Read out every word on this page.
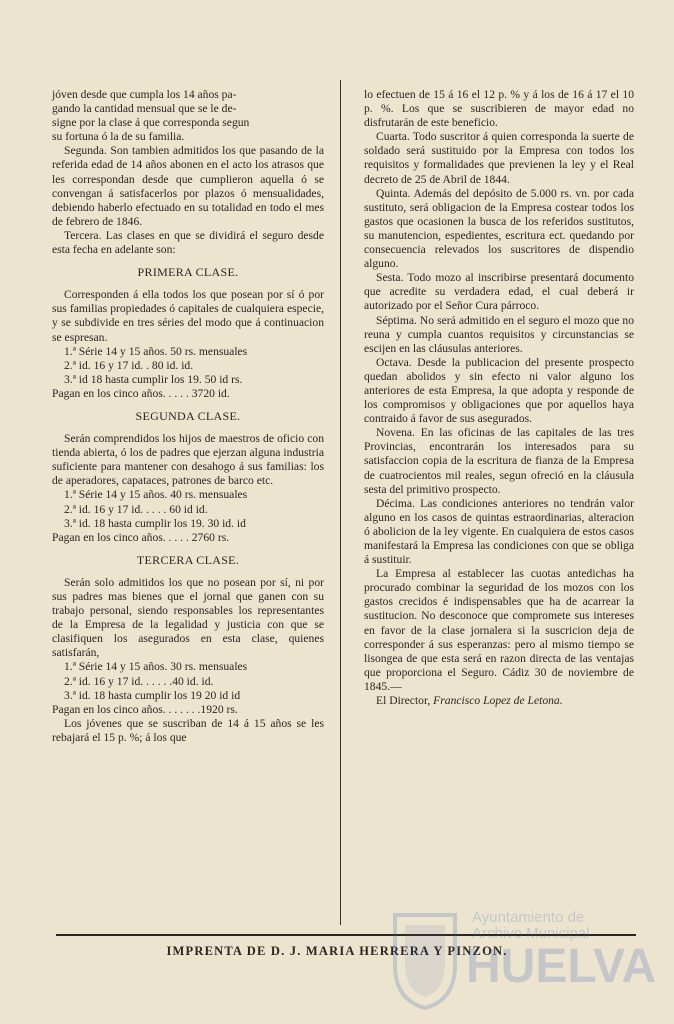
jóven desde que cumpla los 14 años pa-

gando la cantidad mensual que se le de-

signe por la clase á que corresponda segun

su fortuna ó la de su familia.

Segunda. Son tambien admitidos los que pasando de la referida edad de 14 años abonen en el acto los atrasos que les correspondan desde que cumplieron aquella ó se convengan á satisfacerlos por plazos ó mensualidades, debiendo haberlo efectuado en su totalidad en todo el mes de febrero de 1846.

Tercera. Las clases en que se dividirá el seguro desde esta fecha en adelante son:

PRIMERA CLASE.

Corresponden á ella todos los que posean por sí ó por sus familias propiedades ó capitales de cualquiera especie, y se subdivide en tres séries del modo que á continuacion se espresan.

1.ª Série 14 y 15 años. 50 rs. mensuales

2.ª id. 16 y 17 id. . 80 id. id.

3.ª id 18 hasta cumplir los 19. 50 id rs.

Pagan en los cinco años. . . . . 3720 id.

SEGUNDA CLASE.

Serán comprendidos los hijos de maestros de oficio con tienda abierta, ó los de padres que ejerzan alguna industria suficiente para mantener con desahogo á sus familias: los de aperadores, capataces, patrones de barco etc.

1.ª Série 14 y 15 años. 40 rs. mensuales

2.ª id. 16 y 17 id. . . . . 60 id id.

3.ª id. 18 hasta cumplir los 19. 30 id. id

Pagan en los cinco años. . . . . 2760 rs.

TERCERA CLASE.

Serán solo admitidos los que no posean por sí, ni por sus padres mas bienes que el jornal que ganen con su trabajo personal, siendo responsables los representantes de la Empresa de la legalidad y justicia con que se clasifiquen los asegurados en esta clase, quienes satisfarán,

1.ª Série 14 y 15 años. 30 rs. mensuales

2.ª id. 16 y 17 id. . . . . .40 id. id.

3.ª id. 18 hasta cumplir los 19 20 id id

Pagan en los cinco años. . . . . . .1920 rs.

Los jóvenes que se suscriban de 14 á 15 años se les rebajará el 15 p. %; á los que

lo efectuen de 15 á 16 el 12 p. % y á los de 16 á 17 el 10 p. %. Los que se suscribieren de mayor edad no disfrutarán de este beneficio.

Cuarta. Todo suscritor á quien corresponda la suerte de soldado será sustituido por la Empresa con todos los requisitos y formalidades que previenen la ley y el Real decreto de 25 de Abril de 1844.

Quinta. Además del depósito de 5.000 rs. vn. por cada sustituto, será obligacion de la Empresa costear todos los gastos que ocasionen la busca de los referidos sustitutos, su manutencion, espedientes, escritura ect. quedando por consecuencia relevados los suscritores de dispendio alguno.

Sesta. Todo mozo al inscribirse presentará documento que acredite su verdadera edad, el cual deberá ir autorizado por el Señor Cura párroco.

Séptima. No será admitido en el seguro el mozo que no reuna y cumpla cuantos requisitos y circunstancias se escijen en las cláusulas anteriores.

Octava. Desde la publicacion del presente prospecto quedan abolidos y sin efecto ni valor alguno los anteriores de esta Empresa, la que adopta y responde de los compromisos y obligaciones que por aquellos haya contraido á favor de sus asegurados.

Novena. En las oficinas de las capitales de las tres Provincias, encontrarán los interesados para su satisfaccion copia de la escritura de fianza de la Empresa de cuatrocientos mil reales, segun ofreció en la cláusula sesta del primitivo prospecto.

Décima. Las condiciones anteriores no tendrán valor alguno en los casos de quintas estraordinarias, alteracion ó abolicion de la ley vigente. En cualquiera de estos casos manifestará la Empresa las condiciones con que se obliga á sustituir.

La Empresa al establecer las cuotas antedichas ha procurado combinar la seguridad de los mozos con los gastos crecidos é indispensables que ha de acarrear la sustitucion. No desconoce que compromete sus intereses en favor de la clase jornalera si la suscricion deja de corresponder á sus esperanzas: pero al mismo tiempo se lisongea de que esta será en razon directa de las ventajas que proporciona el Seguro. Cádiz 30 de noviembre de 1845.—

El Director, Francisco Lopez de Letona.

IMPRENTA DE D. J. MARIA HERRERA Y PINZON.
Ayuntamiento de
Archivo Municipal
HUELVA
